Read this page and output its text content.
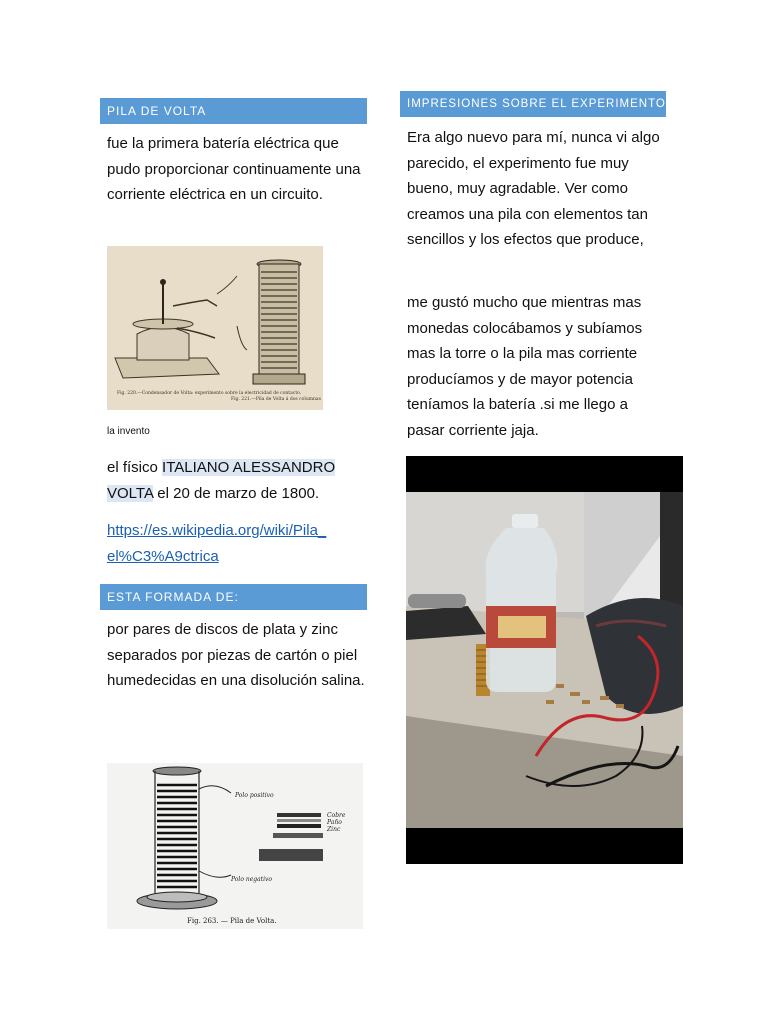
PILA DE VOLTA

fue la primera batería eléctrica que pudo proporcionar continuamente una corriente eléctrica en un circuito.

Fig. 220.—Condensador de Volta: experimento sobre la electricidad de contacto.
Fig. 221.—Pila de Volta á dos columnas
la invento

el físico ITALIANO ALESSANDRO VOLTA el 20 de marzo de 1800.

https://es.wikipedia.org/wiki/Pila_
el%C3%A9ctrica

ESTA FORMADA DE:

por pares de discos de plata y zinc separados por piezas de cartón o piel humedecidas en una disolución salina.

Polo positivo
Polo negativo
Cobre
Paño
Zinc
Fig. 263. — Pila de Volta.
IMPRESIONES SOBRE EL EXPERIMENTO

Era algo nuevo para mí, nunca vi algo parecido, el experimento fue muy bueno, muy agradable. Ver como creamos una pila con elementos tan sencillos y los efectos que produce,

me gustó mucho que mientras mas monedas colocábamos y subíamos mas la torre o la pila mas corriente producíamos y de mayor potencia teníamos la batería .si me llego a pasar corriente jaja.
